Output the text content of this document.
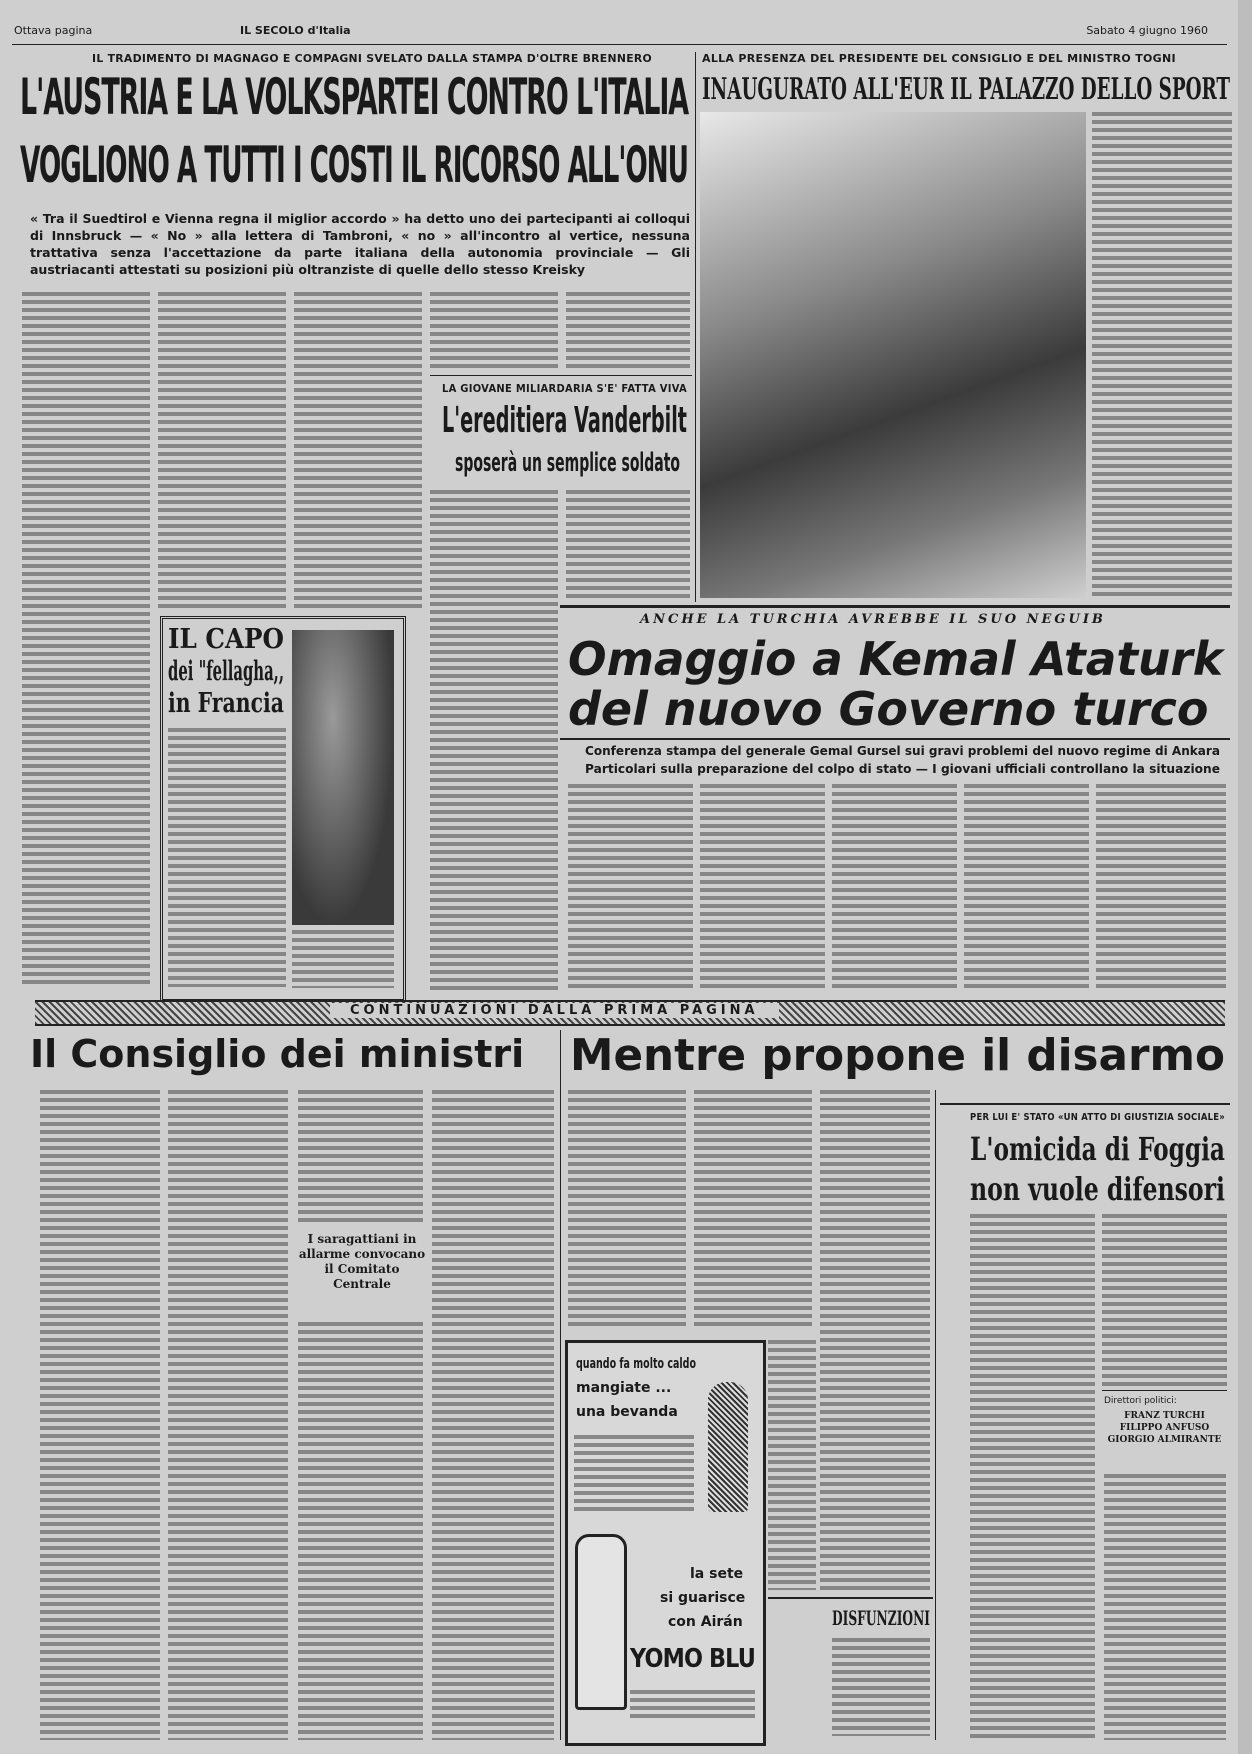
Ottava pagina	IL SECOLO d'Italia	Sabato 4 giugno 1960
IL TRADIMENTO DI MAGNAGO E COMPAGNI SVELATO DALLA STAMPA D'OLTRE BRENNERO
L'AUSTRIA E LA VOLKSPARTEI CONTRO L'ITALIA
VOGLIONO A TUTTI I COSTI IL RICORSO ALL'ONU
« Tra il Suedtirol e Vienna regna il miglior accordo » ha detto uno dei partecipanti ai colloqui di Innsbruck — « No » alla lettera di Tambroni, « no » all'incontro al vertice, nessuna trattativa senza l'accettazione da parte italiana della autonomia provinciale — Gli austriacanti attestati su posizioni più oltranziste di quelle dello stesso Kreisky
LA GIOVANE MILIARDARIA S'E' FATTA VIVA
L'ereditiera Vanderbilt
sposerà un semplice soldato
ALLA PRESENZA DEL PRESIDENTE DEL CONSIGLIO E DEL MINISTRO TOGNI
INAUGURATO ALL'EUR IL PALAZZO DELLO SPORT
IL CAPO
dei "fellagha,,
in Francia
ANCHE LA TURCHIA AVREBBE IL SUO NEGUIB
Omaggio a Kemal Ataturk
del nuovo Governo turco
Conferenza stampa del generale Gemal Gursel sui gravi problemi del nuovo regime di Ankara
Particolari sulla preparazione del colpo di stato — I giovani ufficiali controllano la situazione
CONTINUAZIONI DALLA PRIMA PAGINA
Il Consiglio dei ministri Mentre propone il disarmo
I saragattiani in allarme convocano il Comitato Centrale
PER LUI E' STATO «UN ATTO DI GIUSTIZIA SOCIALE»
L'omicida di Foggia
non vuole difensori
Direttori politici:
FRANZ TURCHI
FILIPPO ANFUSO
GIORGIO ALMIRANTE
quando fa molto caldo
mangiate ...
una bevanda
la sete
si guarisce
con Airán
YOMO BLU
DISFUNZIONI
